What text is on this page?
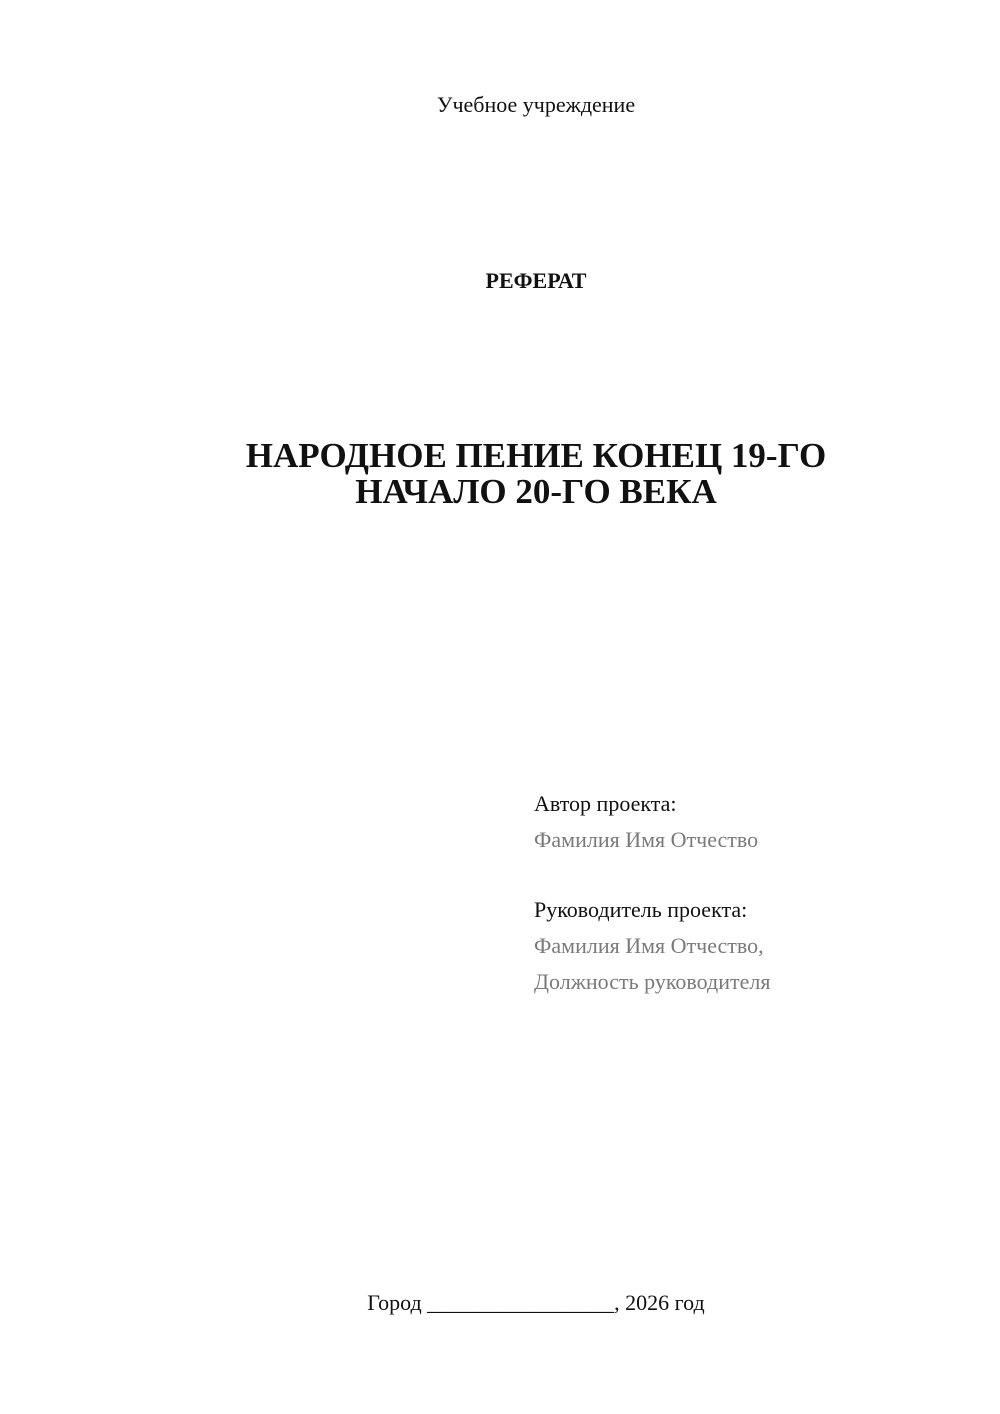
Учебное учреждение
РЕФЕРАТ
НАРОДНОЕ ПЕНИЕ КОНЕЦ 19-ГО
НАЧАЛО 20-ГО ВЕКА
Автор проекта:
Фамилия Имя Отчество
Руководитель проекта:
Фамилия Имя Отчество,
Должность руководителя
Город _________________, 2026 год
